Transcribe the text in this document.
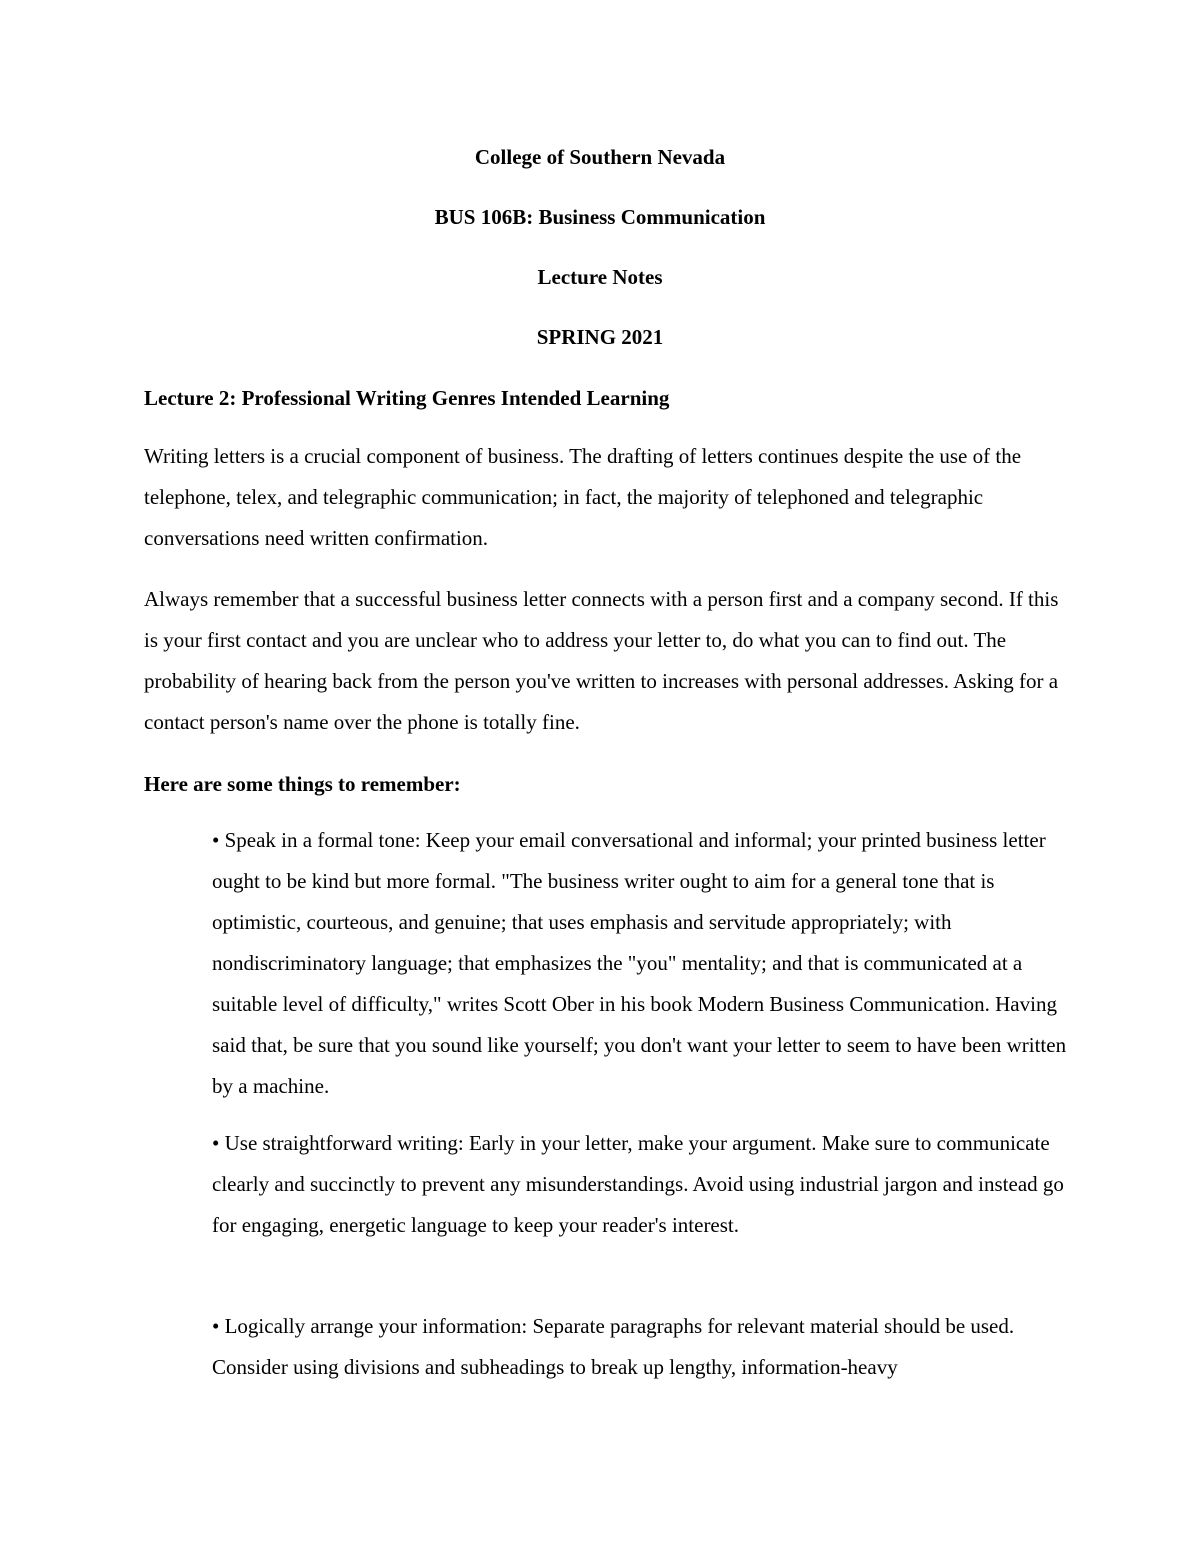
College of Southern Nevada

BUS 106B: Business Communication

Lecture Notes

SPRING 2021

Lecture 2: Professional Writing Genres Intended Learning

Writing letters is a crucial component of business. The drafting of letters continues despite the use of the telephone, telex, and telegraphic communication; in fact, the majority of telephoned and telegraphic conversations need written confirmation.

Always remember that a successful business letter connects with a person first and a company second. If this is your first contact and you are unclear who to address your letter to, do what you can to find out. The probability of hearing back from the person you've written to increases with personal addresses. Asking for a contact person's name over the phone is totally fine.

Here are some things to remember:

• Speak in a formal tone: Keep your email conversational and informal; your printed business letter ought to be kind but more formal. "The business writer ought to aim for a general tone that is optimistic, courteous, and genuine; that uses emphasis and servitude appropriately; with nondiscriminatory language; that emphasizes the "you" mentality; and that is communicated at a suitable level of difficulty," writes Scott Ober in his book Modern Business Communication. Having said that, be sure that you sound like yourself; you don't want your letter to seem to have been written by a machine.

• Use straightforward writing: Early in your letter, make your argument. Make sure to communicate clearly and succinctly to prevent any misunderstandings. Avoid using industrial jargon and instead go for engaging, energetic language to keep your reader's interest.

• Logically arrange your information: Separate paragraphs for relevant material should be used. Consider using divisions and subheadings to break up lengthy, information-heavy
